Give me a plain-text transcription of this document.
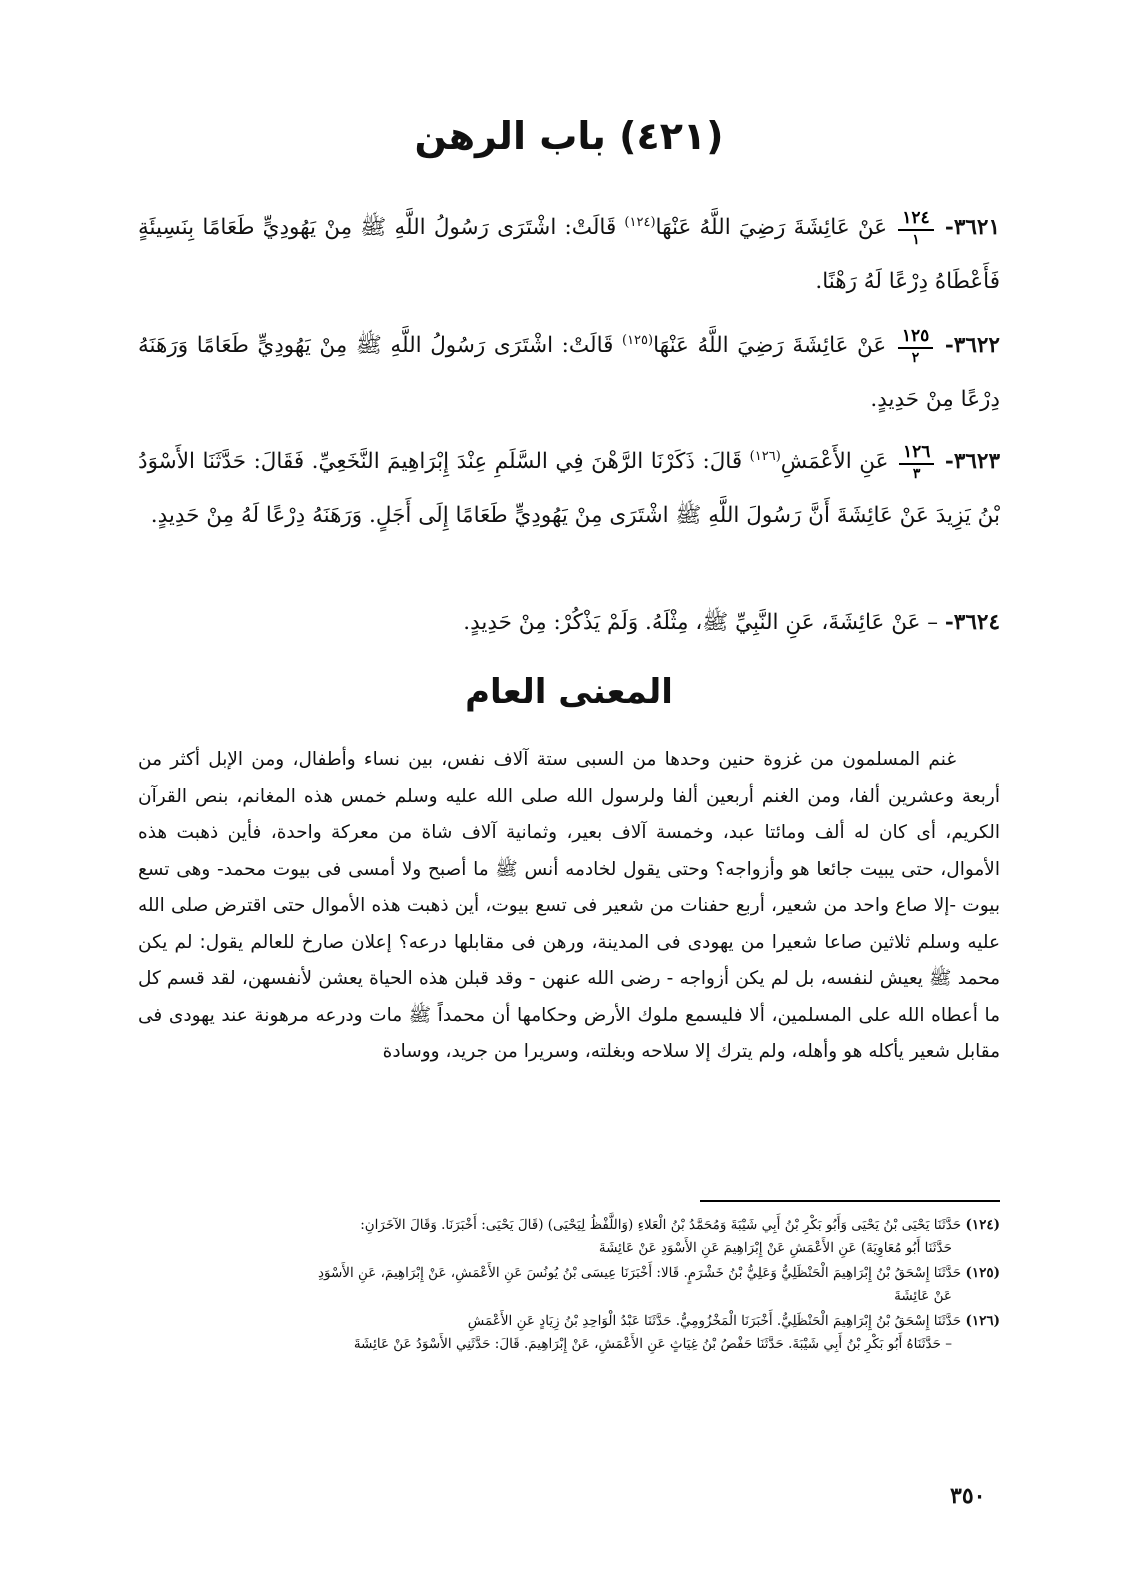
(٤٢١) باب الرهن
٣٦٢١-
$\frac{١٢٤}{١}$
عَنْ عَائِشَةَ رَضِيَ اللَّهُ عَنْهَا$^{(١٢٤)}$ قَالَتْ: اشْتَرَى رَسُولُ اللَّهِ ﷺ مِنْ يَهُودِيٍّ طَعَامًا بِنَسِيئَةٍ فَأَعْطَاهُ دِرْعًا لَهُ رَهْنًا.
٣٦٢٢-
$\frac{١٢٥}{٢}$
عَنْ عَائِشَةَ رَضِيَ اللَّهُ عَنْهَا$^{(١٢٥)}$ قَالَتْ: اشْتَرَى رَسُولُ اللَّهِ ﷺ مِنْ يَهُودِيٍّ طَعَامًا وَرَهَنَهُ دِرْعًا مِنْ حَدِيدٍ.
٣٦٢٣-
$\frac{١٢٦}{٣}$
عَنِ الأَعْمَشِ$^{(١٢٦)}$ قَالَ: ذَكَرْنَا الرَّهْنَ فِي السَّلَمِ عِنْدَ إِبْرَاهِيمَ النَّخَعِيِّ. فَقَالَ: حَدَّثَنَا الأَسْوَدُ بْنُ يَزِيدَ عَنْ عَائِشَةَ أَنَّ رَسُولَ اللَّهِ ﷺ اشْتَرَى مِنْ يَهُودِيٍّ طَعَامًا إِلَى أَجَلٍ. وَرَهَنَهُ دِرْعًا لَهُ مِنْ حَدِيدٍ.
٣٦٢٤- – عَنْ عَائِشَةَ، عَنِ النَّبِيِّ ﷺ، مِثْلَهُ. وَلَمْ يَذْكُرْ: مِنْ حَدِيدٍ.
المعنى العام

غنم المسلمون من غزوة حنين وحدها من السبى ستة آلاف نفس، بين نساء وأطفال، ومن الإبل أكثر من أربعة وعشرين ألفا، ومن الغنم أربعين ألفا ولرسول الله صلى الله عليه وسلم خمس هذه المغانم، بنص القرآن الكريم، أى كان له ألف ومائتا عبد، وخمسة آلاف بعير، وثمانية آلاف شاة من معركة واحدة، فأين ذهبت هذه الأموال، حتى يبيت جائعا هو وأزواجه؟ وحتى يقول لخادمه أنس ﷺ ما أصبح ولا أمسى فى بيوت محمد- وهى تسع بيوت -إلا صاع واحد من شعير، أربع حفنات من شعير فى تسع بيوت، أين ذهبت هذه الأموال حتى اقترض صلى الله عليه وسلم ثلاثين صاعا شعيرا من يهودى فى المدينة، ورهن فى مقابلها درعه؟ إعلان صارخ للعالم يقول: لم يكن محمد ﷺ يعيش لنفسه، بل لم يكن أزواجه - رضى الله عنهن - وقد قبلن هذه الحياة يعشن لأنفسهن، لقد قسم كل ما أعطاه الله على المسلمين، ألا فليسمع ملوك الأرض وحكامها أن محمداً ﷺ مات ودرعه مرهونة عند يهودى فى مقابل شعير يأكله هو وأهله، ولم يترك إلا سلاحه وبغلته، وسريرا من جريد، ووسادة

(١٢٤) حَدَّثَنَا يَحْيَى بْنُ يَحْيَى وَأَبُو بَكْرِ بْنُ أَبِي شَيْبَةَ وَمُحَمَّدُ بْنُ الْعَلاءِ (وَاللَّفْظُ لِيَحْيَى) (قَالَ يَحْيَى: أَخْبَرَنَا. وَقَالَ الآخَرَانِ:

حَدَّثَنَا أَبُو مُعَاوِيَةَ) عَنِ الأَعْمَشِ عَنْ إِبْرَاهِيمَ عَنِ الأَسْوَدِ عَنْ عَائِشَةَ

(١٢٥) حَدَّثَنَا إِسْحَقُ بْنُ إِبْرَاهِيمَ الْحَنْظَلِيُّ وَعَلِيُّ بْنُ خَشْرَمٍ. قَالا: أَخْبَرَنَا عِيسَى بْنُ يُونُسَ عَنِ الأَعْمَشِ، عَنْ إِبْرَاهِيمَ، عَنِ الأَسْوَدِ

عَنْ عَائِشَةَ

(١٢٦) حَدَّثَنَا إِسْحَقُ بْنُ إِبْرَاهِيمَ الْحَنْظَلِيُّ. أَخْبَرَنَا الْمَخْزُومِيُّ. حَدَّثَنَا عَبْدُ الْوَاحِدِ بْنُ زِيَادٍ عَنِ الأَعْمَشِ

– حَدَّثَنَاهُ أَبُو بَكْرِ بْنُ أَبِي شَيْبَةَ. حَدَّثَنَا حَفْصُ بْنُ غِيَاثٍ عَنِ الأَعْمَشِ، عَنْ إِبْرَاهِيمَ. قَالَ: حَدَّثَنِي الأَسْوَدُ عَنْ عَائِشَةَ

٣٥٠
